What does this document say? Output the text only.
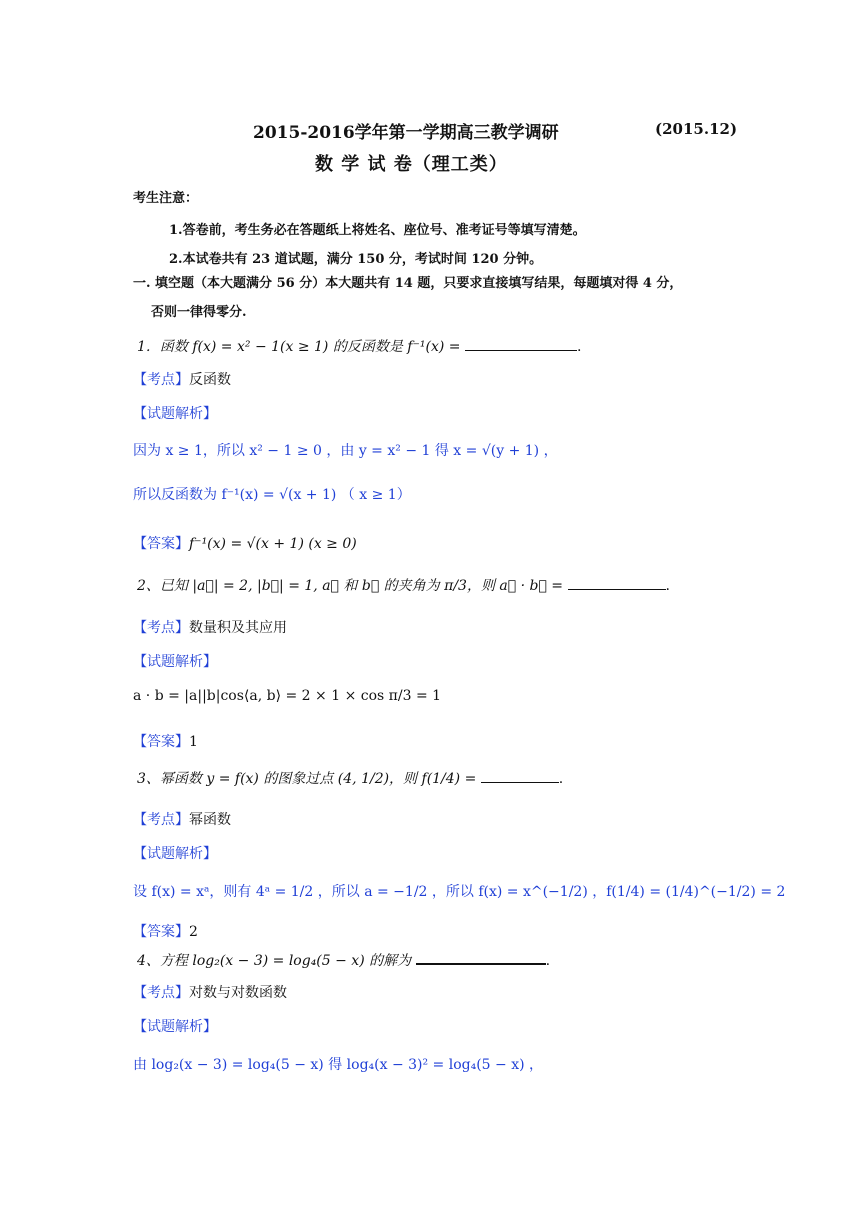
2015-2016学年第一学期高三教学调研	(2015.12)
数 学 试 卷（理工类）
考生注意：
1.答卷前，考生务必在答题纸上将姓名、座位号、准考证号等填写清楚。
2.本试卷共有 23 道试题，满分 150 分，考试时间 120 分钟。
一. 填空题（本大题满分 56 分）本大题共有 14 题，只要求直接填写结果，每题填对得 4 分，
否则一律得零分.
1．函数 f(x) = x² − 1(x ≥ 1) 的反函数是 f⁻¹(x) =	.
【考点】反函数
【试题解析】
因为 x ≥ 1，所以 x² − 1 ≥ 0 ，由 y = x² − 1 得 x = √(y + 1) ，
所以反函数为 f⁻¹(x) = √(x + 1) （ x ≥ 1）
【答案】f⁻¹(x) = √(x + 1) (x ≥ 0)
2、已知 |a⃗| = 2, |b⃗| = 1, a⃗ 和 b⃗ 的夹角为 π/3，则 a⃗ · b⃗ =	.
【考点】数量积及其应用
【试题解析】
a · b = |a||b|cos⟨a, b⟩ = 2 × 1 × cos π/3 = 1
【答案】1
3、幂函数 y = f(x) 的图象过点 (4, 1/2)，则 f(1/4) =	.
【考点】幂函数
【试题解析】
设 f(x) = xᵃ，则有 4ᵃ = 1/2 ，所以 a = −1/2 ，所以 f(x) = x^(−1/2) ，f(1/4) = (1/4)^(−1/2) = 2
【答案】2
4、方程 log₂(x − 3) = log₄(5 − x) 的解为	.
【考点】对数与对数函数
【试题解析】
由 log₂(x − 3) = log₄(5 − x) 得 log₄(x − 3)² = log₄(5 − x) ，
